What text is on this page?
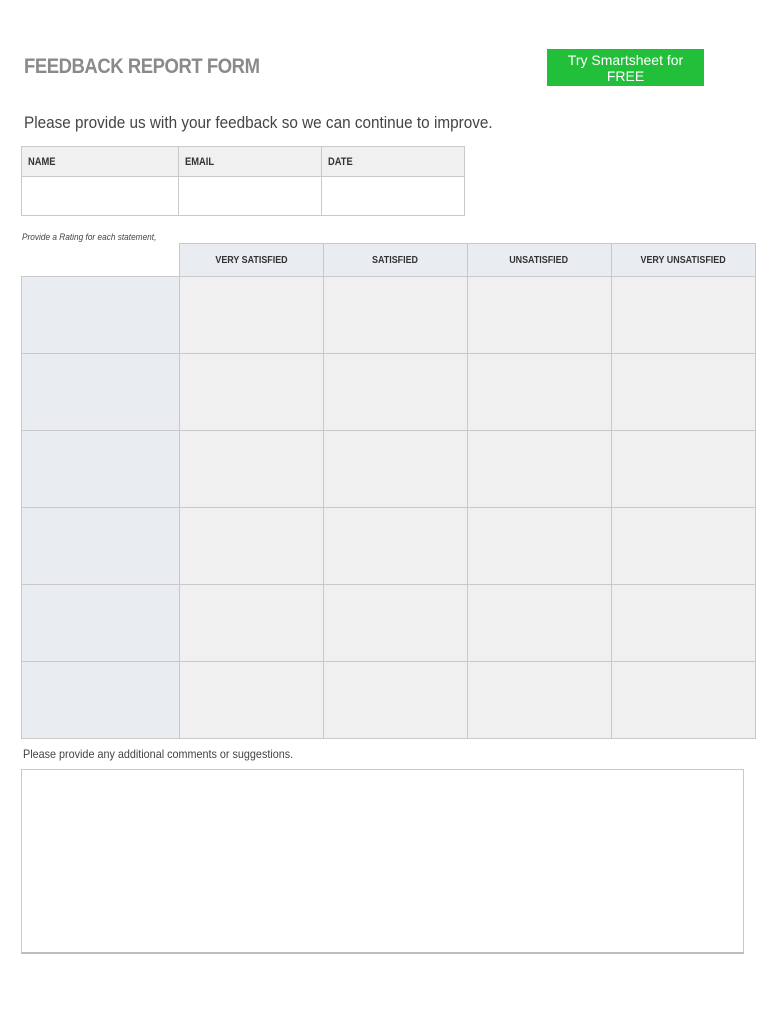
FEEDBACK REPORT FORM	Try Smartsheet for FREE
Please provide us with your feedback so we can continue to improve.
NAME	EMAIL	DATE

Provide a Rating for each statement,
	VERY SATISFIED	SATISFIED	UNSATISFIED	VERY UNSATISFIED

Please provide any additional comments or suggestions.
